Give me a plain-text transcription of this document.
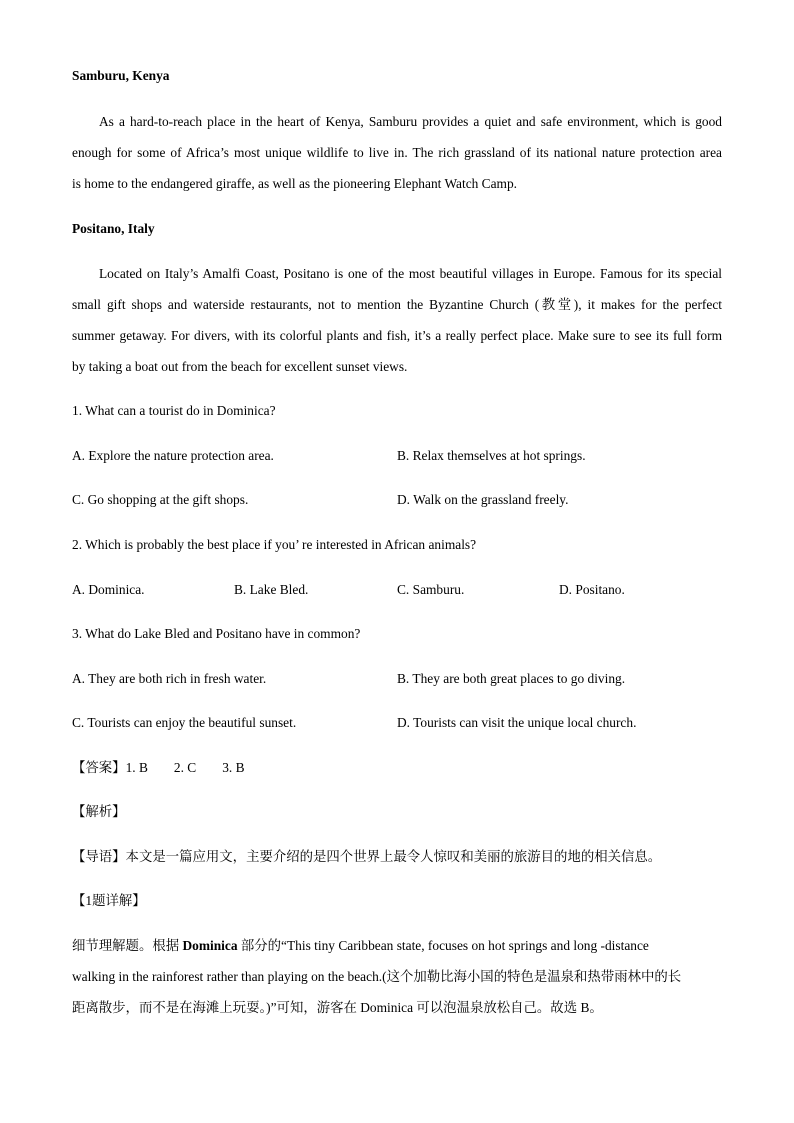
Samburu, Kenya
As a hard-to-reach place in the heart of Kenya, Samburu provides a quiet and safe environment, which is good
enough for some of Africa’s most unique wildlife to live in. The rich grassland of its national nature protection area
is home to the endangered giraffe, as well as the pioneering Elephant Watch Camp.
Positano, Italy
Located on Italy’s Amalfi Coast, Positano is one of the most beautiful villages in Europe. Famous for its special
small gift shops and waterside restaurants, not to mention the Byzantine Church (教堂), it makes for the perfect
summer getaway. For divers, with its colorful plants and fish, it’s a really perfect place. Make sure to see its full form
by taking a boat out from the beach for excellent sunset views.
1. What can a tourist do in Dominica?
A. Explore the nature protection area.	B. Relax themselves at hot springs.
C. Go shopping at the gift shops.	D. Walk on the grassland freely.
2. Which is probably the best place if you’ re interested in African animals?
A. Dominica.	B. Lake Bled.	C. Samburu.	D. Positano.
3. What do Lake Bled and Positano have in common?
A. They are both rich in fresh water.	B. They are both great places to go diving.
C. Tourists can enjoy the beautiful sunset.	D. Tourists can visit the unique local church.
【答案】1. B 2. C 3. B
【解析】
【导语】本文是一篇应用文，主要介绍的是四个世界上最令人惊叹和美丽的旅游目的地的相关信息。
【1题详解】
细节理解题。根据 Dominica 部分的“This tiny Caribbean state, focuses on hot springs and long -distance
walking in the rainforest rather than playing on the beach.(这个加勒比海小国的特色是温泉和热带雨林中的长
距离散步，而不是在海滩上玩耍。)”可知，游客在 Dominica 可以泡温泉放松自己。故选 B。
